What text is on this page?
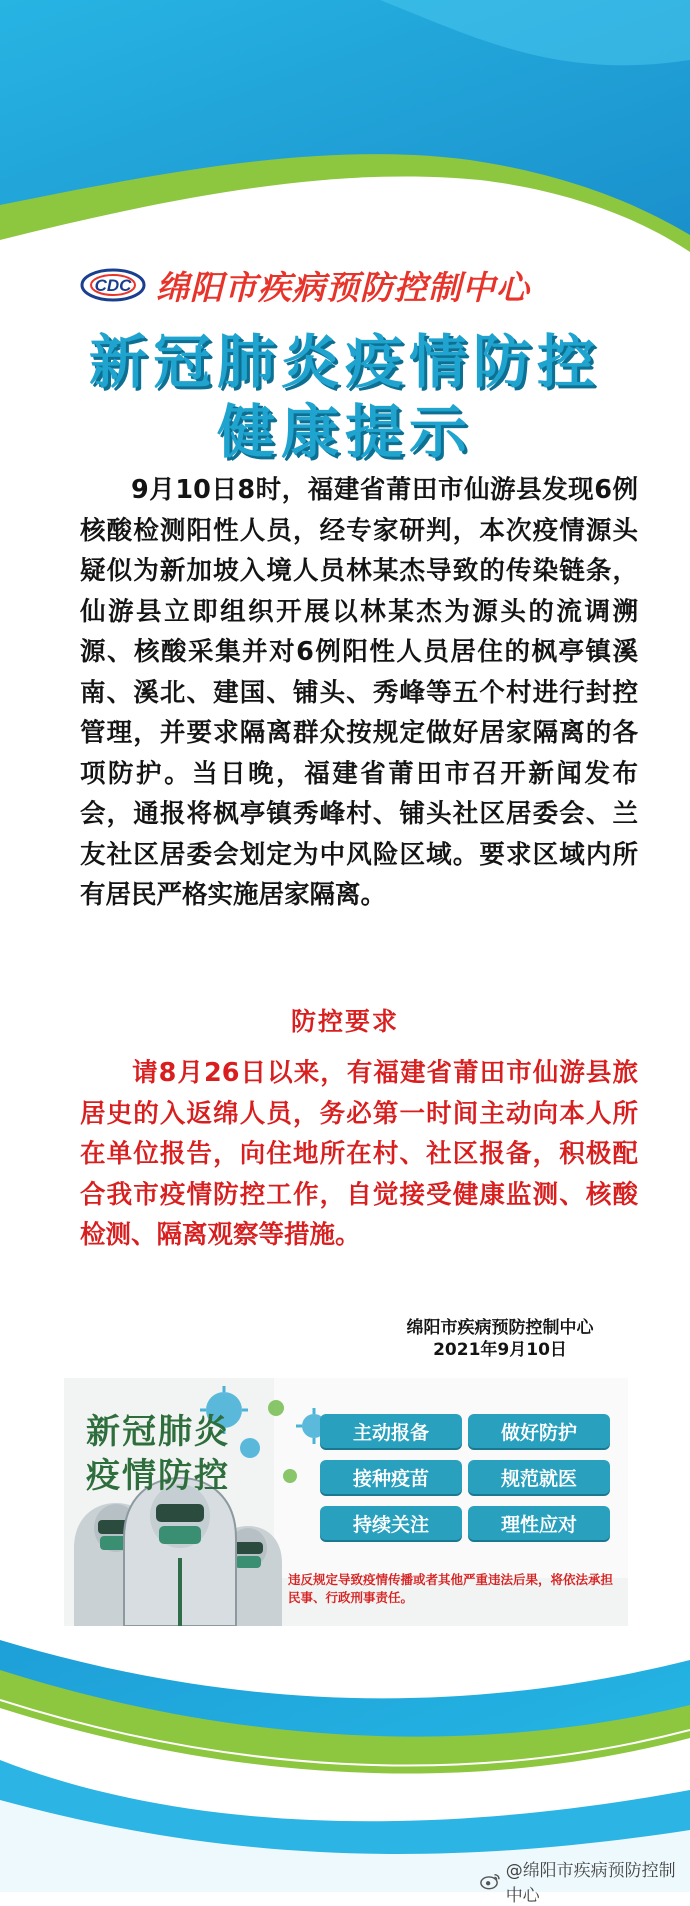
CDC 绵阳市疾病预防控制中心
新冠肺炎疫情防控
健康提示
9月10日8时，福建省莆田市仙游县发现6例核酸检测阳性人员，经专家研判，本次疫情源头疑似为新加坡入境人员林某杰导致的传染链条，仙游县立即组织开展以林某杰为源头的流调溯源、核酸采集并对6例阳性人员居住的枫亭镇溪南、溪北、建国、铺头、秀峰等五个村进行封控管理，并要求隔离群众按规定做好居家隔离的各项防护。当日晚，福建省莆田市召开新闻发布会，通报将枫亭镇秀峰村、铺头社区居委会、兰友社区居委会划定为中风险区域。要求区域内所有居民严格实施居家隔离。
防控要求
请8月26日以来，有福建省莆田市仙游县旅居史的入返绵人员，务必第一时间主动向本人所在单位报告，向住地所在村、社区报备，积极配合我市疫情防控工作，自觉接受健康监测、核酸检测、隔离观察等措施。
绵阳市疾病预防控制中心
2021年9月10日
新冠肺炎
疫情防控
主动报备	做好防护
接种疫苗	规范就医
持续关注	理性应对
违反规定导致疫情传播或者其他严重违法后果，将依法承担民事、行政刑事责任。
@绵阳市疾病预防控制中心
